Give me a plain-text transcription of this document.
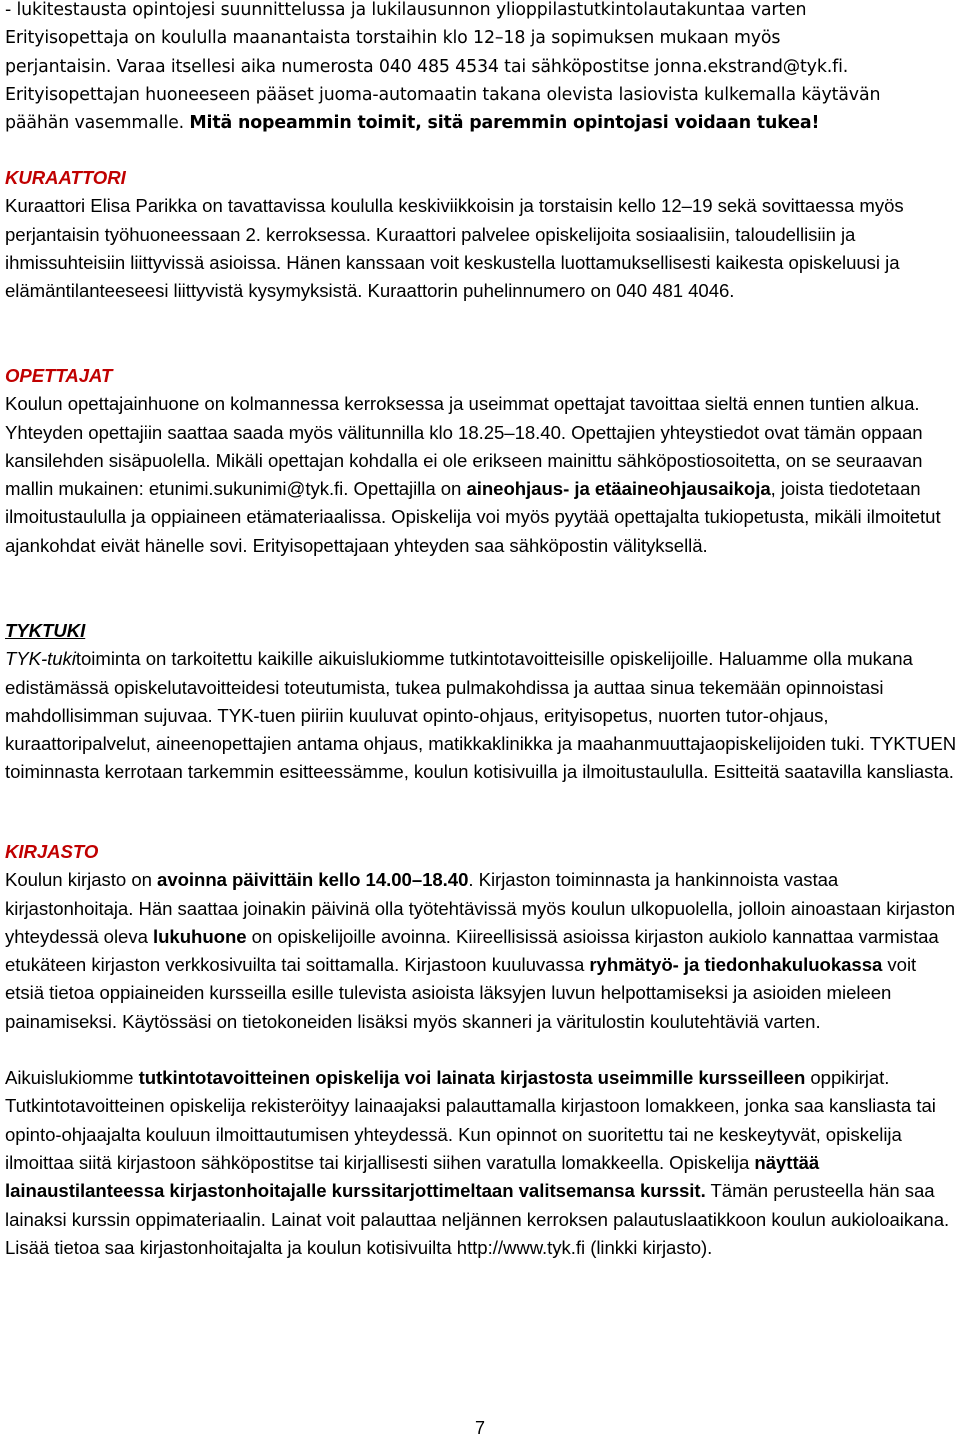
- lukitestausta opintojesi suunnittelussa ja lukilausunnon ylioppilastutkintolautakuntaa varten

Erityisopettaja on koululla maanantaista torstaihin klo 12–18 ja sopimuksen mukaan myös

perjantaisin. Varaa itsellesi aika numerosta 040 485 4534 tai sähköpostitse jonna.ekstrand@tyk.fi.

Erityisopettajan huoneeseen pääset juoma-automaatin takana olevista lasiovista kulkemalla käytävän

päähän vasemmalle. Mitä nopeammin toimit, sitä paremmin opintojasi voidaan tukea!

KURAATTORI

Kuraattori Elisa Parikka on tavattavissa koululla keskiviikkoisin ja torstaisin kello 12–19 sekä sovittaessa myös perjantaisin työhuoneessaan 2. kerroksessa. Kuraattori palvelee opiskelijoita sosiaalisiin, taloudellisiin ja ihmissuhteisiin liittyvissä asioissa. Hänen kanssaan voit keskustella luottamuksellisesti kaikesta opiskeluusi ja elämäntilanteeseesi liittyvistä kysymyksistä. Kuraattorin puhelinnumero on 040 481 4046.

OPETTAJAT

Koulun opettajainhuone on kolmannessa kerroksessa ja useimmat opettajat tavoittaa sieltä ennen tuntien alkua. Yhteyden opettajiin saattaa saada myös välitunnilla klo 18.25–18.40. Opettajien yhteystiedot ovat tämän oppaan kansilehden sisäpuolella. Mikäli opettajan kohdalla ei ole erikseen mainittu sähköpostiosoitetta, on se seuraavan mallin mukainen: etunimi.sukunimi@tyk.fi. Opettajilla on aineohjaus- ja etäaineohjausaikoja, joista tiedotetaan ilmoitustaululla ja oppiaineen etämateriaalissa. Opiskelija voi myös pyytää opettajalta tukiopetusta, mikäli ilmoitetut ajankohdat eivät hänelle sovi. Erityisopettajaan yhteyden saa sähköpostin välityksellä.

TYKTUKI

TYK-tukitoiminta on tarkoitettu kaikille aikuislukiomme tutkintotavoitteisille opiskelijoille. Haluamme olla mukana edistämässä opiskelutavoitteidesi toteutumista, tukea pulmakohdissa ja auttaa sinua tekemään opinnoistasi mahdollisimman sujuvaa. TYK-tuen piiriin kuuluvat opinto-ohjaus, erityisopetus, nuorten tutor-ohjaus, kuraattoripalvelut, aineenopettajien antama ohjaus, matikkaklinikka ja maahanmuuttajaopiskelijoiden tuki. TYKTUEN toiminnasta kerrotaan tarkemmin esitteessämme, koulun kotisivuilla ja ilmoitustaululla. Esitteitä saatavilla kansliasta.

KIRJASTO

Koulun kirjasto on avoinna päivittäin kello 14.00–18.40. Kirjaston toiminnasta ja hankinnoista vastaa kirjastonhoitaja. Hän saattaa joinakin päivinä olla työtehtävissä myös koulun ulkopuolella, jolloin ainoastaan kirjaston yhteydessä oleva lukuhuone on opiskelijoille avoinna. Kiireellisissä asioissa kirjaston aukiolo kannattaa varmistaa etukäteen kirjaston verkkosivuilta tai soittamalla. Kirjastoon kuuluvassa ryhmätyö- ja tiedonhakuluokassa voit etsiä tietoa oppiaineiden kursseilla esille tulevista asioista läksyjen luvun helpottamiseksi ja asioiden mieleen painamiseksi. Käytössäsi on tietokoneiden lisäksi myös skanneri ja väritulostin koulutehtäviä varten.

Aikuislukiomme tutkintotavoitteinen opiskelija voi lainata kirjastosta useimmille kursseilleen oppikirjat. Tutkintotavoitteinen opiskelija rekisteröityy lainaajaksi palauttamalla kirjastoon lomakkeen, jonka saa kansliasta tai opinto-ohjaajalta kouluun ilmoittautumisen yhteydessä. Kun opinnot on suoritettu tai ne keskeytyvät, opiskelija ilmoittaa siitä kirjastoon sähköpostitse tai kirjallisesti siihen varatulla lomakkeella. Opiskelija näyttää lainaustilanteessa kirjastonhoitajalle kurssitarjottimeltaan valitsemansa kurssit. Tämän perusteella hän saa lainaksi kurssin oppimateriaalin. Lainat voit palauttaa neljännen kerroksen palautuslaatikkoon koulun aukioloaikana. Lisää tietoa saa kirjastonhoitajalta ja koulun kotisivuilta http://www.tyk.fi (linkki kirjasto).

7
